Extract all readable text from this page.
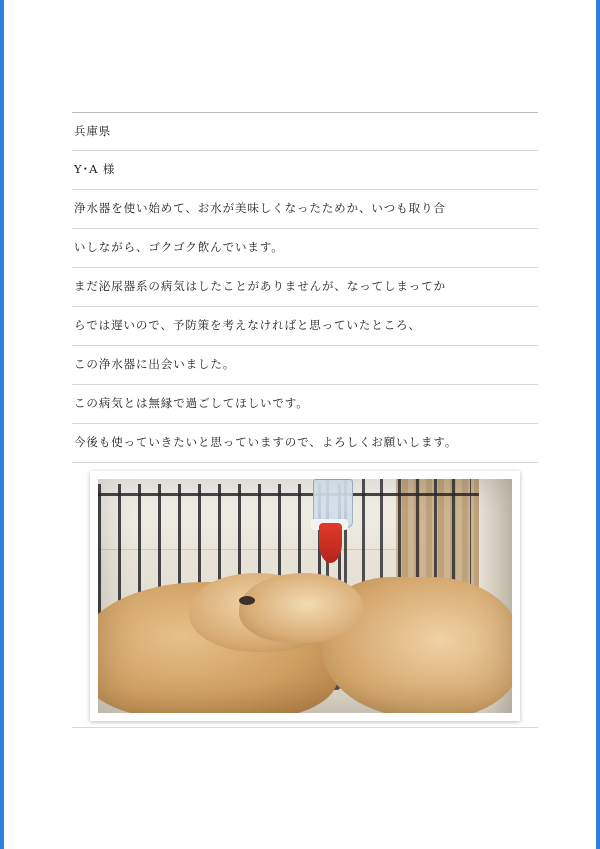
兵庫県
Y･A 様
浄水器を使い始めて、お水が美味しくなったためか、いつも取り合
いしながら、ゴクゴク飲んでいます。
まだ泌尿器系の病気はしたことがありませんが、なってしまってか
らでは遅いので、予防策を考えなければと思っていたところ、
この浄水器に出会いました。
この病気とは無縁で過ごしてほしいです。
今後も使っていきたいと思っていますので、よろしくお願いします。
